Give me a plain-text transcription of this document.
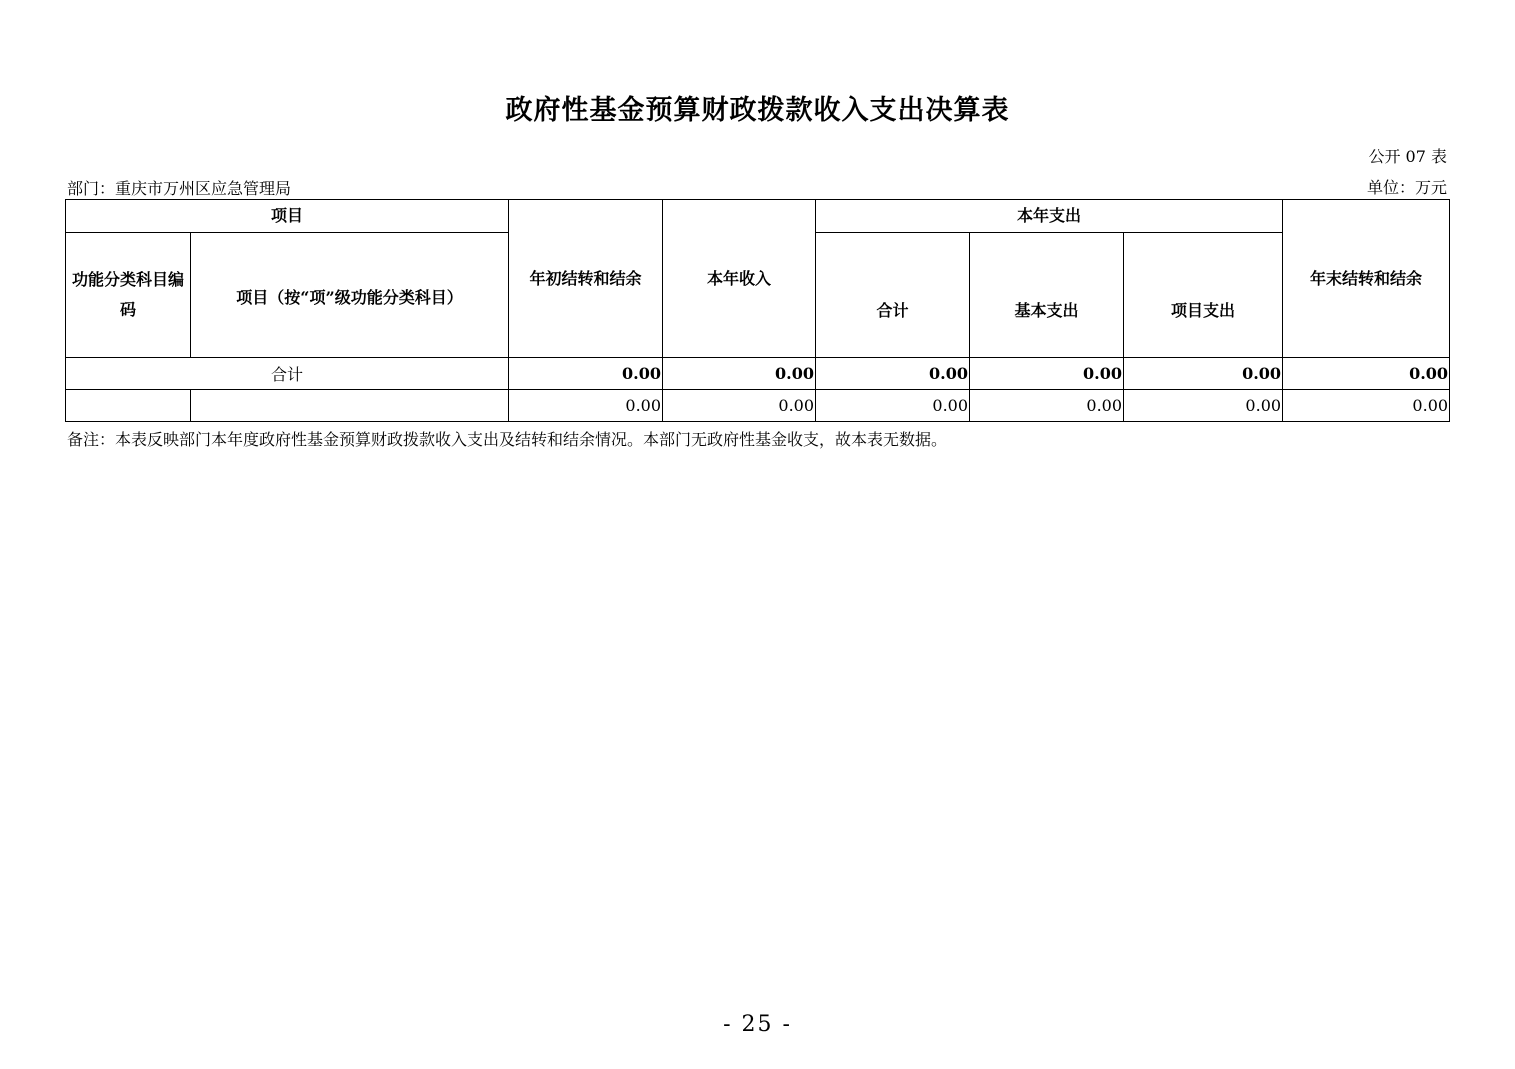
政府性基金预算财政拨款收入支出决算表
公开 07 表
部门：重庆市万州区应急管理局	单位：万元
项目		年初结转和结余	本年收入	本年支出			年末结转和结余
功能分类科目编码	项目（按“项”级功能分类科目）			合计	基本支出	项目支出	
合计		0.00	0.00	0.00	0.00	0.00	0.00
		0.00	0.00	0.00	0.00	0.00	0.00
备注：本表反映部门本年度政府性基金预算财政拨款收入支出及结转和结余情况。本部门无政府性基金收支，故本表无数据。
- 25 -
